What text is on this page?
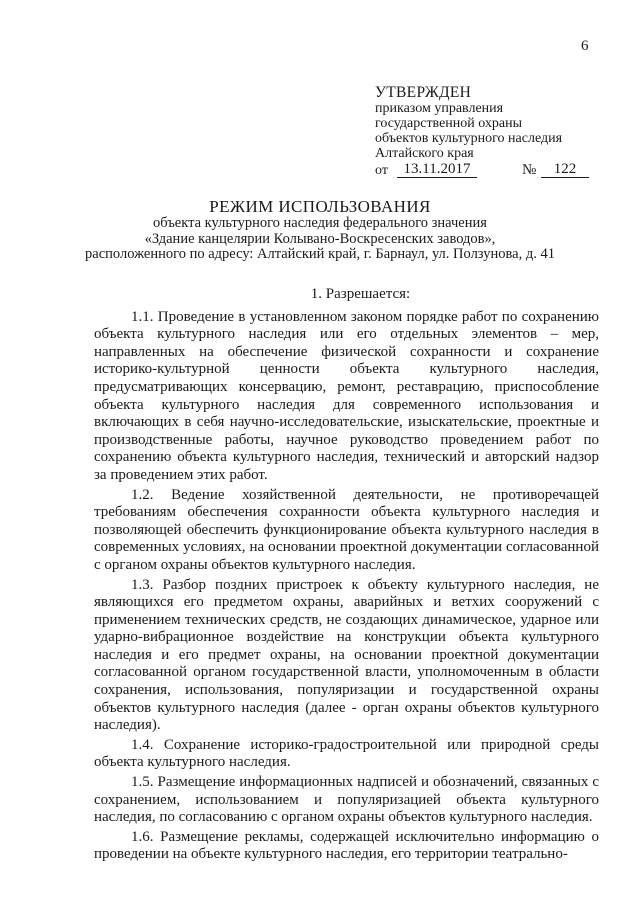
6
УТВЕРЖДЕН
приказом управления
государственной охраны
объектов культурного наследия
Алтайского края
от	13.11.2017	№	122
РЕЖИМ ИСПОЛЬЗОВАНИЯ
объекта культурного наследия федерального значения
«Здание канцелярии Колывано-Воскресенских заводов»,
расположенного по адресу: Алтайский край, г. Барнаул, ул. Ползунова, д. 41
1. Разрешается:

1.1. Проведение в установленном законом порядке работ по сохранению объекта культурного наследия или его отдельных элементов – мер, направленных на обеспечение физической сохранности и сохранение историко-культурной ценности объекта культурного наследия, предусматривающих консервацию, ремонт, реставрацию, приспособление объекта культурного наследия для современного использования и включающих в себя научно-исследовательские, изыскательские, проектные и производственные работы, научное руководство проведением работ по сохранению объекта культурного наследия, технический и авторский надзор за проведением этих работ.

1.2. Ведение хозяйственной деятельности, не противоречащей требованиям обеспечения сохранности объекта культурного наследия и позволяющей обеспечить функционирование объекта культурного наследия в современных условиях, на основании проектной документации согласованной с органом охраны объектов культурного наследия.

1.3. Разбор поздних пристроек к объекту культурного наследия, не являющихся его предметом охраны, аварийных и ветхих сооружений с применением технических средств, не создающих динамическое, ударное или ударно-вибрационное воздействие на конструкции объекта культурного наследия и его предмет охраны, на основании проектной документации согласованной органом государственной власти, уполномоченным в области сохранения, использования, популяризации и государственной охраны объектов культурного наследия (далее - орган охраны объектов культурного наследия).

1.4. Сохранение историко-градостроительной или природной среды объекта культурного наследия.

1.5. Размещение информационных надписей и обозначений, связанных с сохранением, использованием и популяризацией объекта культурного наследия, по согласованию с органом охраны объектов культурного наследия.

1.6. Размещение рекламы, содержащей исключительно информацию о проведении на объекте культурного наследия, его территории театрально-
